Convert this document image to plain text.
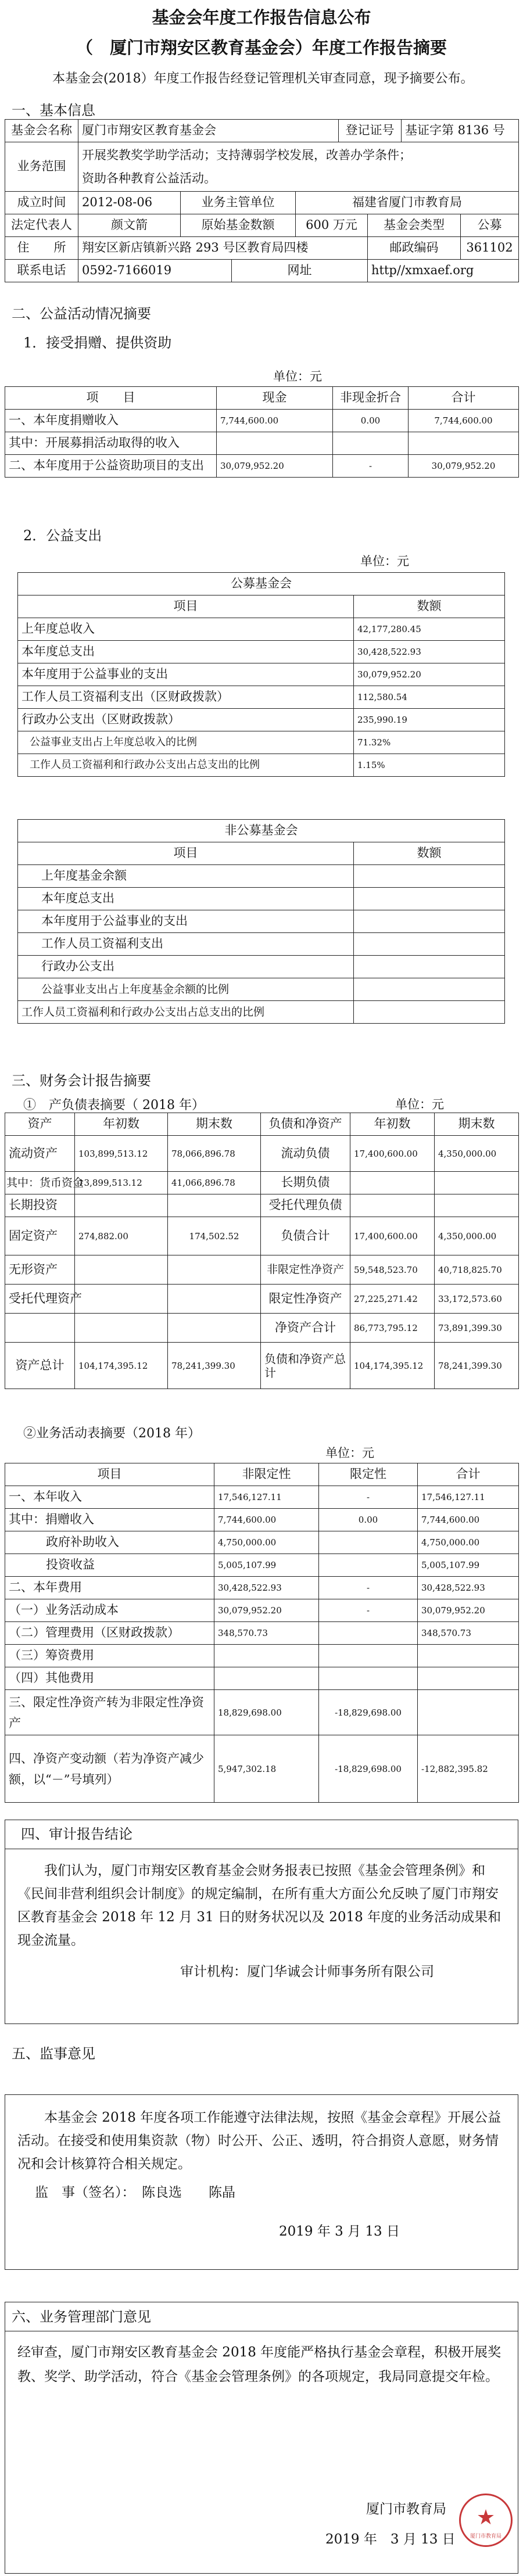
基金会年度工作报告信息公布
（　厦门市翔安区教育基金会）年度工作报告摘要
本基金会(2018）年度工作报告经登记管理机关审查同意，现予摘要公布。
一、基本信息
基金会名称	厦门市翔安区教育基金会				登记证号		基证字第 8136 号	
业务范围	开展奖教奖学助学活动；支持薄弱学校发展，改善办学条件；
资助各种教育公益活动。							

成立时间	2012-08-06	业务主管单位		福建省厦门市教育局				
法定代表人	颜文箭	原始基金数额		600 万元		基金会类型		公募
住　　所	翔安区新店镇新兴路 293 号区教育局四楼					邮政编码		361102
联系电话	0592-7166019		网址			http//xmxaef.org		
二、公益活动情况摘要
1．接受捐赠、提供资助
单位：元
项　　目	现金	非现金折合	合计
一、本年度捐赠收入	7,744,600.00	0.00	7,744,600.00
其中：开展募捐活动取得的收入			
二、本年度用于公益资助项目的支出	30,079,952.20	-	30,079,952.20
2．公益支出
单位：元
公募基金会	
项目	数额
上年度总收入	42,177,280.45
本年度总支出	30,428,522.93
本年度用于公益事业的支出	30,079,952.20
工作人员工资福利支出（区财政拨款）	112,580.54
行政办公支出（区财政拨款）	235,990.19
公益事业支出占上年度总收入的比例	71.32%
工作人员工资福利和行政办公支出占总支出的比例	1.15%
非公募基金会	
项目	数额
上年度基金余额	
本年度总支出	
本年度用于公益事业的支出	
工作人员工资福利支出	
行政办公支出	
公益事业支出占上年度基金余额的比例	
工作人员工资福利和行政办公支出占总支出的比例	
三、财务会计报告摘要
①　产负债表摘要（ 2018 年）	单位：元
资产	年初数	期末数	负债和净资产	年初数	期末数
流动资产	103,899,513.12	78,066,896.78	流动负债	17,400,600.00	4,350,000.00
其中：货币资金	13,899,513.12	41,066,896.78	长期负债		
长期投资			受托代理负债		
固定资产	274,882.00	174,502.52	负债合计	17,400,600.00	4,350,000.00
无形资产			非限定性净资产	59,548,523.70	40,718,825.70
受托代理资产			限定性净资产	27,225,271.42	33,172,573.60
			净资产合计	86,773,795.12	73,891,399.30
资产总计	104,174,395.12	78,241,399.30	负债和净资产总计	104,174,395.12	78,241,399.30
②业务活动表摘要（2018 年）
单位：元
项目	非限定性	限定性	合计
一、本年收入	17,546,127.11	-	17,546,127.11
其中：捐赠收入	7,744,600.00	0.00	7,744,600.00
政府补助收入	4,750,000.00		4,750,000.00
投资收益	5,005,107.99		5,005,107.99
二、本年费用	30,428,522.93	-	30,428,522.93
（一）业务活动成本	30,079,952.20	-	30,079,952.20
（二）管理费用（区财政拨款）	348,570.73		348,570.73
（三）筹资费用			
（四）其他费用			
三、限定性净资产转为非限定性净资产	18,829,698.00	-18,829,698.00	
四、净资产变动额（若为净资产减少额，以“－”号填列）	5,947,302.18	-18,829,698.00	-12,882,395.82
四、审计报告结论
我们认为，厦门市翔安区教育基金会财务报表已按照《基金会管理条例》和《民间非营利组织会计制度》的规定编制，在所有重大方面公允反映了厦门市翔安区教育基金会 2018 年 12 月 31 日的财务状况以及 2018 年度的业务活动成果和现金流量。
审计机构：厦门华诚会计师事务所有限公司
五、监事意见
本基金会 2018 年度各项工作能遵守法律法规，按照《基金会章程》开展公益活动。在接受和使用集资款（物）时公开、公正、透明，符合捐资人意愿，财务情况和会计核算符合相关规定。
监　事（签名）：　陈良选　　陈晶
2019 年 3 月 13 日
六、业务管理部门意见
经审查，厦门市翔安区教育基金会 2018 年度能严格执行基金会章程，积极开展奖教、奖学、助学活动，符合《基金会管理条例》的各项规定，我局同意提交年检。
厦门市教育局
2019 年　3 月 13 日
★
厦门市教育局
